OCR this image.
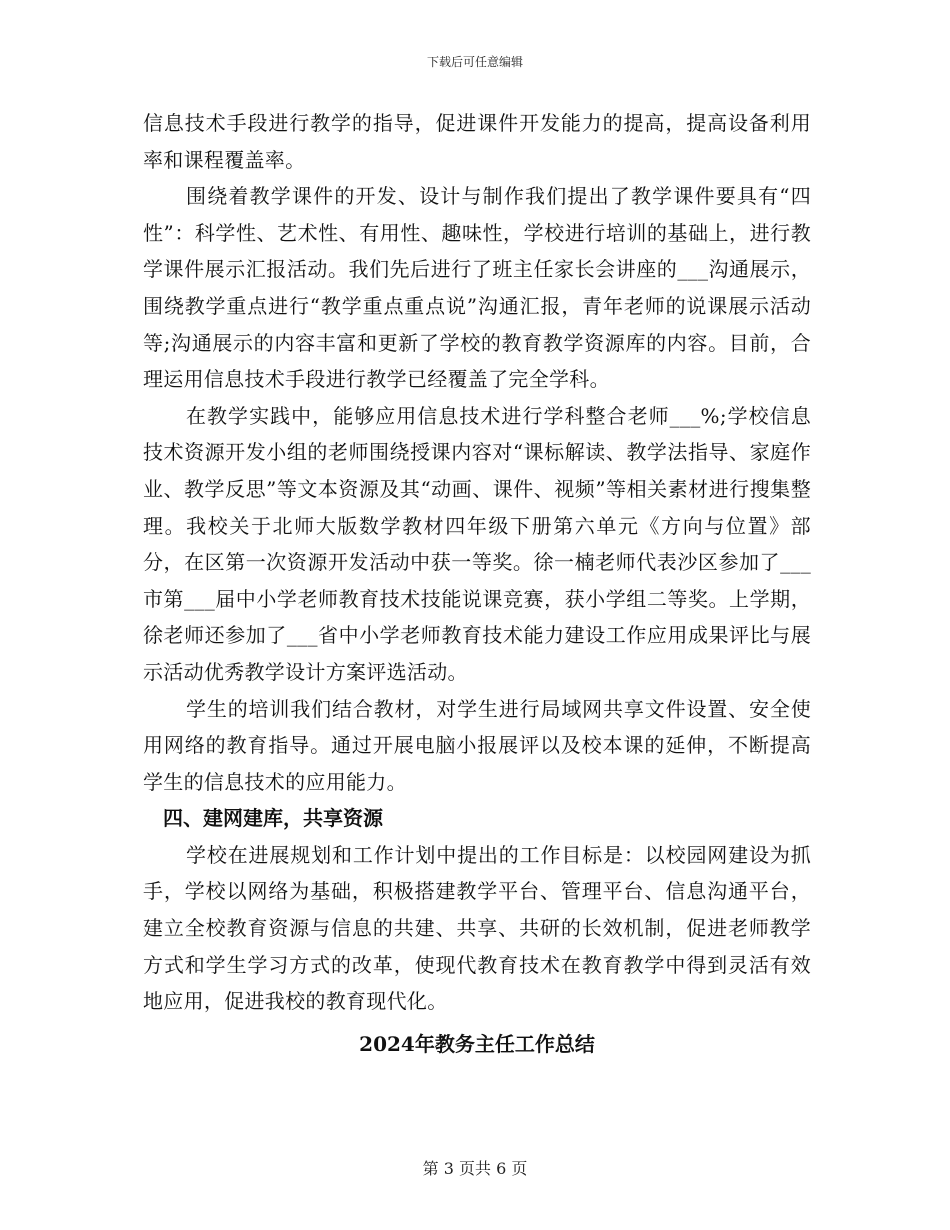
下载后可任意编辑

信息技术手段进行教学的指导，促进课件开发能力的提高，提高设备利用率和课程覆盖率。

围绕着教学课件的开发、设计与制作我们提出了教学课件要具有“四性”：科学性、艺术性、有用性、趣味性，学校进行培训的基础上，进行教学课件展示汇报活动。我们先后进行了班主任家长会讲座的___沟通展示，围绕教学重点进行“教学重点重点说”沟通汇报，青年老师的说课展示活动等;沟通展示的内容丰富和更新了学校的教育教学资源库的内容。目前，合理运用信息技术手段进行教学已经覆盖了完全学科。

在教学实践中，能够应用信息技术进行学科整合老师___%;学校信息技术资源开发小组的老师围绕授课内容对“课标解读、教学法指导、家庭作业、教学反思”等文本资源及其“动画、课件、视频”等相关素材进行搜集整理。我校关于北师大版数学教材四年级下册第六单元《方向与位置》部分，在区第一次资源开发活动中获一等奖。徐一楠老师代表沙区参加了___市第___届中小学老师教育技术技能说课竞赛，获小学组二等奖。上学期，徐老师还参加了___省中小学老师教育技术能力建设工作应用成果评比与展示活动优秀教学设计方案评选活动。

学生的培训我们结合教材，对学生进行局域网共享文件设置、安全使用网络的教育指导。通过开展电脑小报展评以及校本课的延伸，不断提高学生的信息技术的应用能力。

四、建网建库，共享资源

学校在进展规划和工作计划中提出的工作目标是：以校园网建设为抓手，学校以网络为基础，积极搭建教学平台、管理平台、信息沟通平台，建立全校教育资源与信息的共建、共享、共研的长效机制，促进老师教学方式和学生学习方式的改革，使现代教育技术在教育教学中得到灵活有效地应用，促进我校的教育现代化。

2024年教务主任工作总结

第 3 页共 6 页
